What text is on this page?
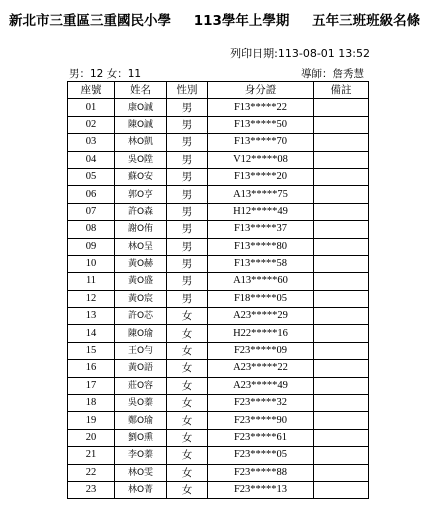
新北市三重區三重國民小學 113學年上學期 五年三班班級名條
列印日期:113-08-01 13:52
男：12 女：11	導師：詹秀慧
座號	姓名	性別	身分證	備註
01	康O誠	男	F13*****22	
02	陳O誠	男	F13*****50	
03	林O凱	男	F13*****70	
04	吳O陞	男	V12*****08	
05	蘇O安	男	F13*****20	
06	郭O亨	男	A13*****75	
07	許O森	男	H12*****49	
08	謝O侑	男	F13*****37	
09	林O呈	男	F13*****80	
10	黃O赫	男	F13*****58	
11	黃O盛	男	A13*****60	
12	黃O宸	男	F18*****05	
13	許O芯	女	A23*****29	
14	陳O瑜	女	H22*****16	
15	王O勻	女	F23*****09	
16	黃O語	女	A23*****22	
17	莊O容	女	A23*****49	
18	吳O蓁	女	F23*****32	
19	鄭O瑜	女	F23*****90	
20	劉O熏	女	F23*****61	
21	李O蓁	女	F23*****05	
22	林O雯	女	F23*****88	
23	林O菁	女	F23*****13	
